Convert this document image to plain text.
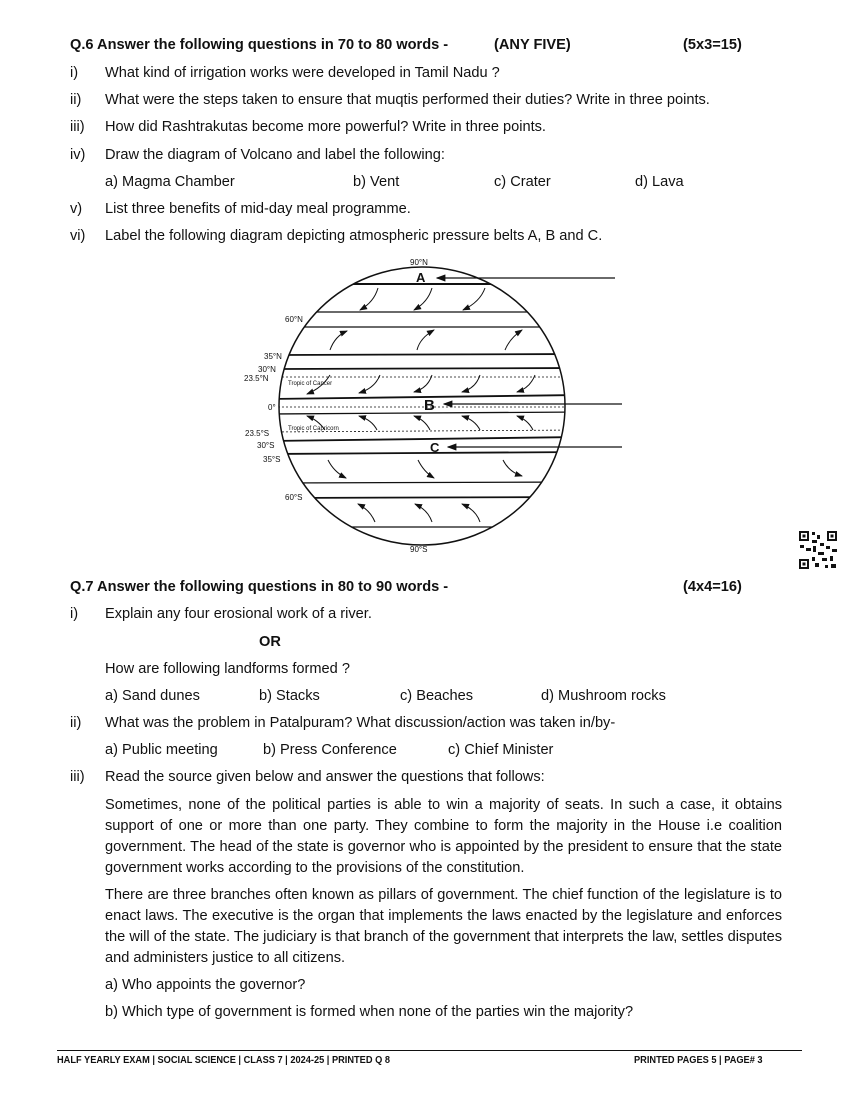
Q.6 Answer the following questions in 70 to 80 words -	(ANY FIVE)	(5x3=15)
i) What kind of irrigation works were developed in Tamil Nadu ?
ii) What were the steps taken to ensure that muqtis performed their duties? Write in three points.
iii) How did Rashtrakutas become more powerful? Write in three points.
iv) Draw the diagram of Volcano and label the following:
a) Magma Chamber	b) Vent	c) Crater	d) Lava
v) List three benefits of mid-day meal programme.
vi) Label the following diagram depicting atmospheric pressure belts A, B and C.
90°N
60°N
35°N
30°N
23.5°N
0°
23.5°S
30°S
35°S
60°S
90°S
Tropic of Cancer
Tropic of Capricorn
A
B
C
Q.7 Answer the following questions in 80 to 90 words -	(4x4=16)
i) Explain any four erosional work of a river.
OR
How are following landforms formed ?
a) Sand dunes	b) Stacks	c) Beaches	d) Mushroom rocks
ii) What was the problem in Patalpuram? What discussion/action was taken in/by-
a) Public meeting	b) Press Conference	c) Chief Minister
iii) Read the source given below and answer the questions that follows:
Sometimes, none of the political parties is able to win a majority of seats. In such a case, it obtains support of one or more than one party. They combine to form the majority in the House i.e coalition government. The head of the state is governor who is appointed by the president to ensure that the state government works according to the provisions of the constitution.
There are three branches often known as pillars of government. The chief function of the legislature is to enact laws. The executive is the organ that implements the laws enacted by the legislature and enforces the will of the state. The judiciary is that branch of the government that interprets the law, settles disputes and administers justice to all citizens.
a) Who appoints the governor?
b) Which type of government is formed when none of the parties win the majority?
HALF YEARLY EXAM | SOCIAL SCIENCE | CLASS 7 | 2024-25 | PRINTED Q 8	PRINTED PAGES 5 | PAGE# 3
